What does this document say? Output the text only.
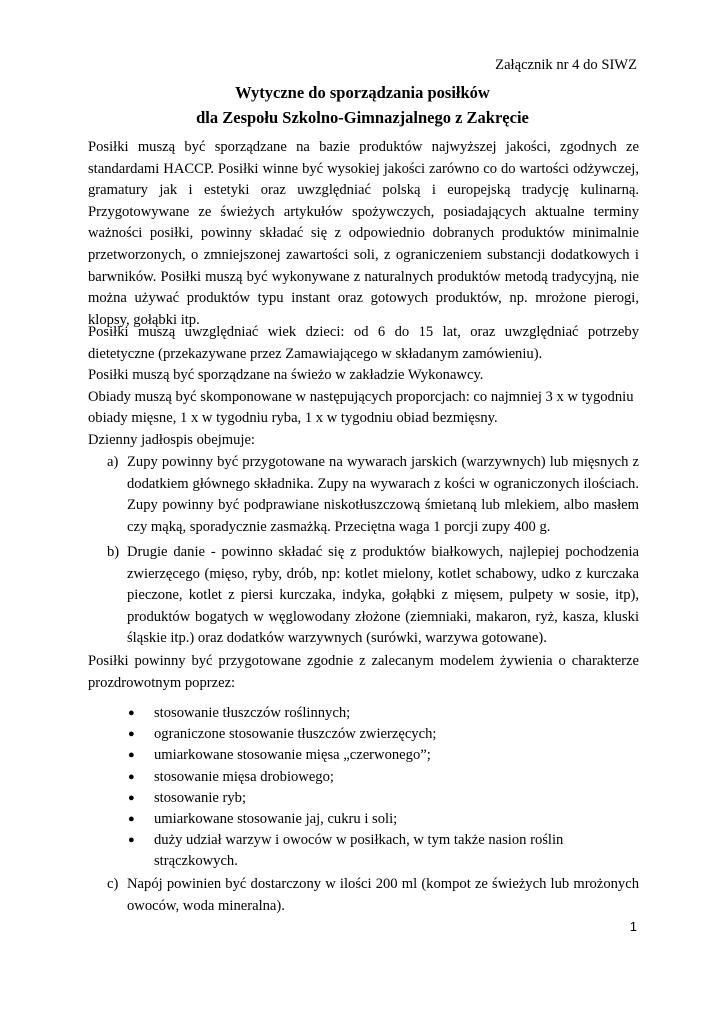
Załącznik nr 4 do SIWZ
Wytyczne do sporządzania posiłków
dla Zespołu Szkolno-Gimnazjalnego z Zakręcie
Posiłki muszą być sporządzane na bazie produktów najwyższej jakości, zgodnych ze standardami HACCP. Posiłki winne być wysokiej jakości zarówno co do wartości odżywczej, gramatury jak i estetyki oraz uwzględniać polską i europejską tradycję kulinarną. Przygotowywane ze świeżych artykułów spożywczych, posiadających aktualne terminy ważności posiłki, powinny składać się z odpowiednio dobranych produktów minimalnie przetworzonych, o zmniejszonej zawartości soli, z ograniczeniem substancji dodatkowych i barwników. Posiłki muszą być wykonywane z naturalnych produktów metodą tradycyjną, nie można używać produktów typu instant oraz gotowych produktów, np. mrożone pierogi, klopsy, gołąbki itp.
Posiłki muszą uwzględniać wiek dzieci: od 6 do 15 lat, oraz uwzględniać potrzeby dietetyczne (przekazywane przez Zamawiającego w składanym zamówieniu).
Posiłki muszą być sporządzane na świeżo w zakładzie Wykonawcy.
Obiady muszą być skomponowane w następujących proporcjach: co najmniej 3 x w tygodniu obiady mięsne, 1 x w tygodniu ryba, 1 x w tygodniu obiad bezmięsny.
Dzienny jadłospis obejmuje:
a) Zupy powinny być przygotowane na wywarach jarskich (warzywnych) lub mięsnych z dodatkiem głównego składnika. Zupy na wywarach z kości w ograniczonych ilościach. Zupy powinny być podprawiane niskotłuszczową śmietaną lub mlekiem, albo masłem czy mąką, sporadycznie zasmażką. Przeciętna waga 1 porcji zupy 400 g.
b) Drugie danie - powinno składać się z produktów białkowych, najlepiej pochodzenia zwierzęcego (mięso, ryby, drób, np: kotlet mielony, kotlet schabowy, udko z kurczaka pieczone, kotlet z piersi kurczaka, indyka, gołąbki z mięsem, pulpety w sosie, itp), produktów bogatych w węglowodany złożone (ziemniaki, makaron, ryż, kasza, kluski śląskie itp.) oraz dodatków warzywnych (surówki, warzywa gotowane).
Posiłki powinny być przygotowane zgodnie z zalecanym modelem żywienia o charakterze prozdrowotnym poprzez:
●	stosowanie tłuszczów roślinnych;
●	ograniczone stosowanie tłuszczów zwierzęcych;
●	umiarkowane stosowanie mięsa „czerwonego”;
●	stosowanie mięsa drobiowego;
●	stosowanie ryb;
●	umiarkowane stosowanie jaj, cukru i soli;
●	duży udział warzyw i owoców w posiłkach, w tym także nasion roślin strączkowych.
c) Napój powinien być dostarczony w ilości 200 ml (kompot ze świeżych lub mrożonych owoców, woda mineralna).
1
